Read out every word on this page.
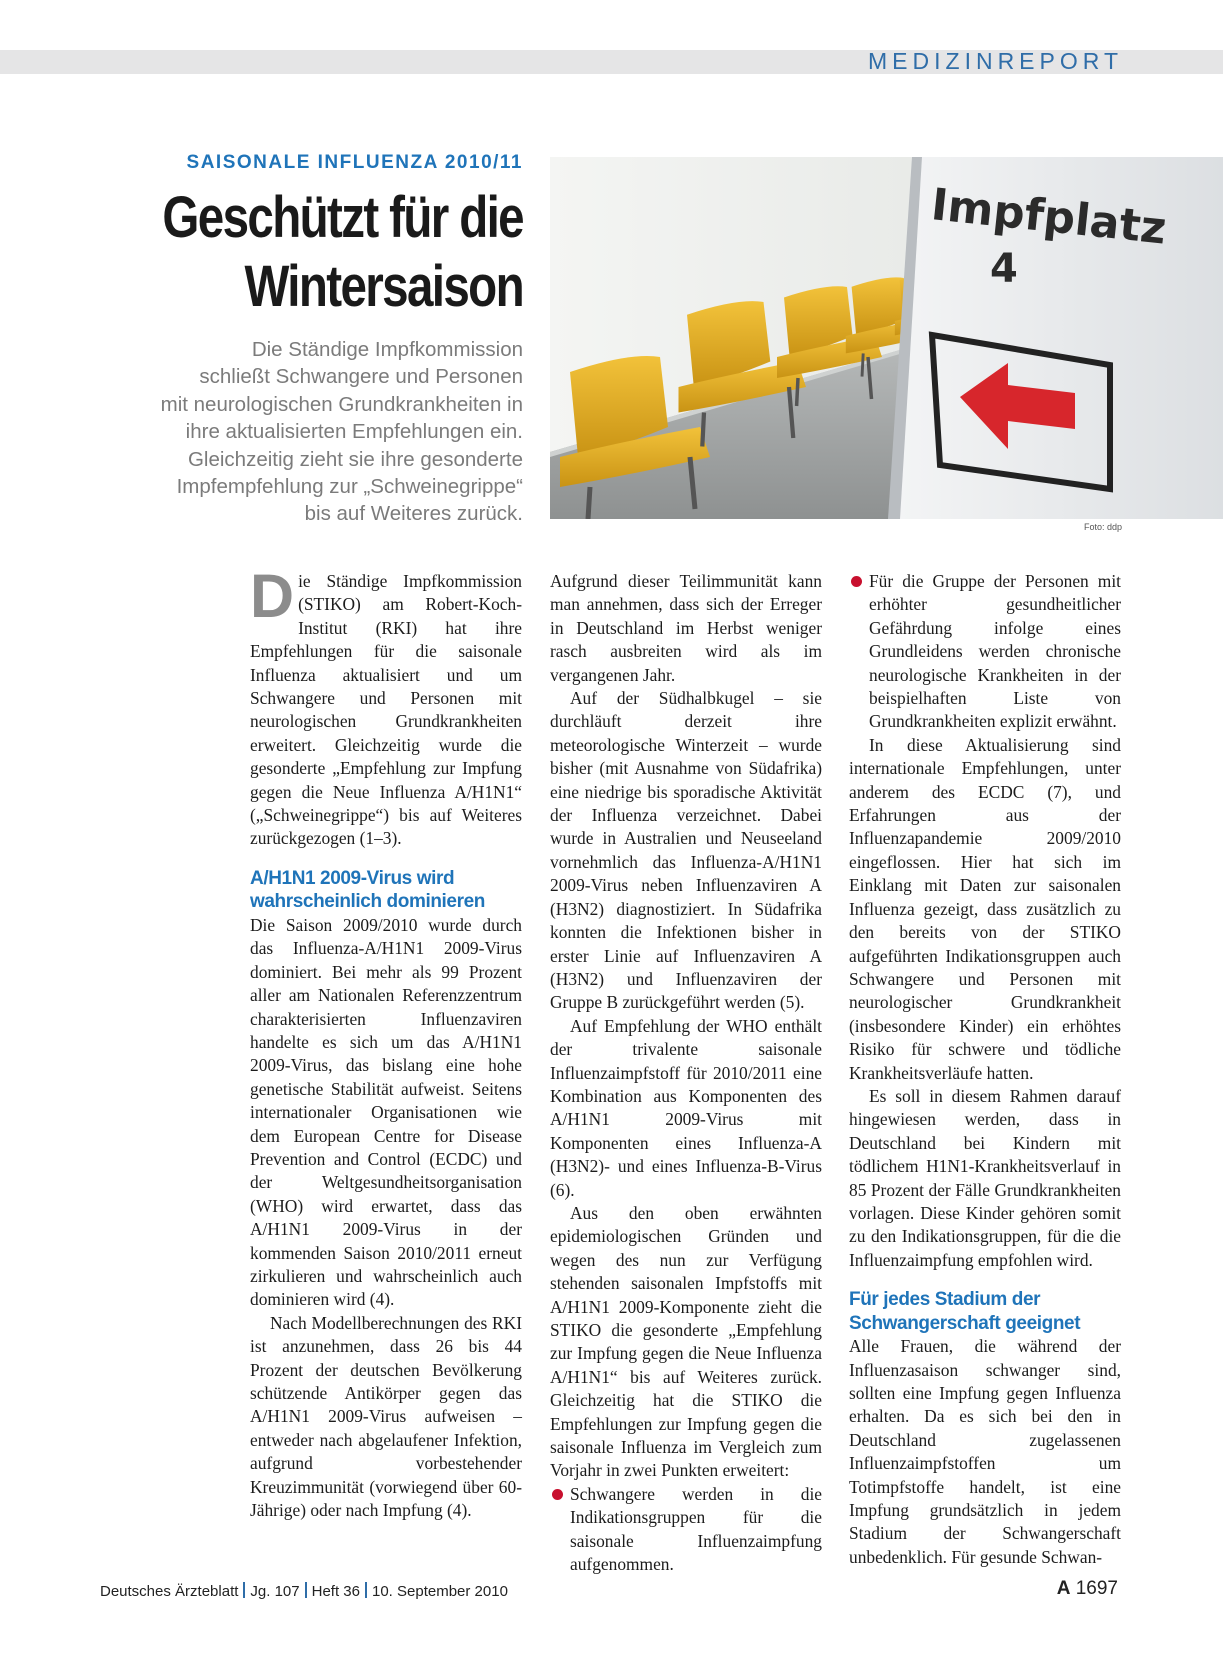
MEDIZINREPORT
SAISONALE INFLUENZA 2010/11
Geschützt für die
Wintersaison
Die Ständige Impfkommission
schließt Schwangere und Personen
mit neurologischen Grundkrankheiten in
ihre aktualisierten Empfehlungen ein.
Gleichzeitig zieht sie ihre gesonderte
Impfempfehlung zur „Schweinegrippe“
bis auf Weiteres zurück.
Impfplatz
4
Foto: ddp

Die Ständige Impfkommission (STIKO) am Robert-Koch-Institut (RKI) hat ihre Empfehlungen für die saisonale Influenza aktualisiert und um Schwangere und Personen mit neurologischen Grundkrankheiten erweitert. Gleichzeitig wurde die gesonderte „Empfehlung zur Impfung gegen die Neue Influenza A/H1N1“ („Schweinegrippe“) bis auf Weiteres zurückgezogen (1–3).

A/H1N1 2009-Virus wird wahrscheinlich dominieren

Die Saison 2009/2010 wurde durch das Influenza-A/H1N1 2009-Virus dominiert. Bei mehr als 99 Prozent aller am Nationalen Referenzzentrum charakterisierten Influenzaviren handelte es sich um das A/H1N1 2009-Virus, das bislang eine hohe genetische Stabilität aufweist. Seitens internationaler Organisationen wie dem European Centre for Disease Prevention and Control (ECDC) und der Weltgesundheitsorganisation (WHO) wird erwartet, dass das A/H1N1 2009-Virus in der kommenden Saison 2010/2011 erneut zirkulieren und wahrscheinlich auch dominieren wird (4).

Nach Modellberechnungen des RKI ist anzunehmen, dass 26 bis 44 Prozent der deutschen Bevölkerung schützende Antikörper gegen das A/H1N1 2009-Virus aufweisen – entweder nach abgelaufener Infektion, aufgrund vorbestehender Kreuzimmunität (vorwiegend über 60-Jährige) oder nach Impfung (4).

Aufgrund dieser Teilimmunität kann man annehmen, dass sich der Erreger in Deutschland im Herbst weniger rasch ausbreiten wird als im vergangenen Jahr.

Auf der Südhalbkugel – sie durchläuft derzeit ihre meteorologische Winterzeit – wurde bisher (mit Ausnahme von Südafrika) eine niedrige bis sporadische Aktivität der Influenza verzeichnet. Dabei wurde in Australien und Neuseeland vornehmlich das Influenza-A/H1N1 2009-Virus neben Influenzaviren A (H3N2) diagnostiziert. In Südafrika konnten die Infektionen bisher in erster Linie auf Influenzaviren A (H3N2) und Influenzaviren der Gruppe B zurückgeführt werden (5).

Auf Empfehlung der WHO enthält der trivalente saisonale Influenzaimpfstoff für 2010/2011 eine Kombination aus Komponenten des A/H1N1 2009-Virus mit Komponenten eines Influenza-A (H3N2)- und eines Influenza-B-Virus (6).

Aus den oben erwähnten epidemiologischen Gründen und wegen des nun zur Verfügung stehenden saisonalen Impfstoffs mit A/H1N1 2009-Komponente zieht die STIKO die gesonderte „Empfehlung zur Impfung gegen die Neue Influenza A/H1N1“ bis auf Weiteres zurück. Gleichzeitig hat die STIKO die Empfehlungen zur Impfung gegen die saisonale Influenza im Vergleich zum Vorjahr in zwei Punkten erweitert:

Schwangere werden in die Indikationsgruppen für die saisonale Influenzaimpfung aufgenommen.

Für die Gruppe der Personen mit erhöhter gesundheitlicher Gefährdung infolge eines Grundleidens werden chronische neurologische Krankheiten in der beispielhaften Liste von Grundkrankheiten explizit erwähnt.

In diese Aktualisierung sind internationale Empfehlungen, unter anderem des ECDC (7), und Erfahrungen aus der Influenzapandemie 2009/2010 eingeflossen. Hier hat sich im Einklang mit Daten zur saisonalen Influenza gezeigt, dass zusätzlich zu den bereits von der STIKO aufgeführten Indikationsgruppen auch Schwangere und Personen mit neurologischer Grundkrankheit (insbesondere Kinder) ein erhöhtes Risiko für schwere und tödliche Krankheitsverläufe hatten.

Es soll in diesem Rahmen darauf hingewiesen werden, dass in Deutschland bei Kindern mit tödlichem H1N1-Krankheitsverlauf in 85 Prozent der Fälle Grundkrankheiten vorlagen. Diese Kinder gehören somit zu den Indikationsgruppen, für die die Influenzaimpfung empfohlen wird.

Für jedes Stadium der Schwangerschaft geeignet

Alle Frauen, die während der Influenzasaison schwanger sind, sollten eine Impfung gegen Influenza erhalten. Da es sich bei den in Deutschland zugelassenen Influenzaimpfstoffen um Totimpfstoffe handelt, ist eine Impfung grundsätzlich in jedem Stadium der Schwangerschaft unbedenklich. Für gesunde Schwan-

Deutsches Ärzteblatt Jg. 107 Heft 36 10. September 2010	A 1697
